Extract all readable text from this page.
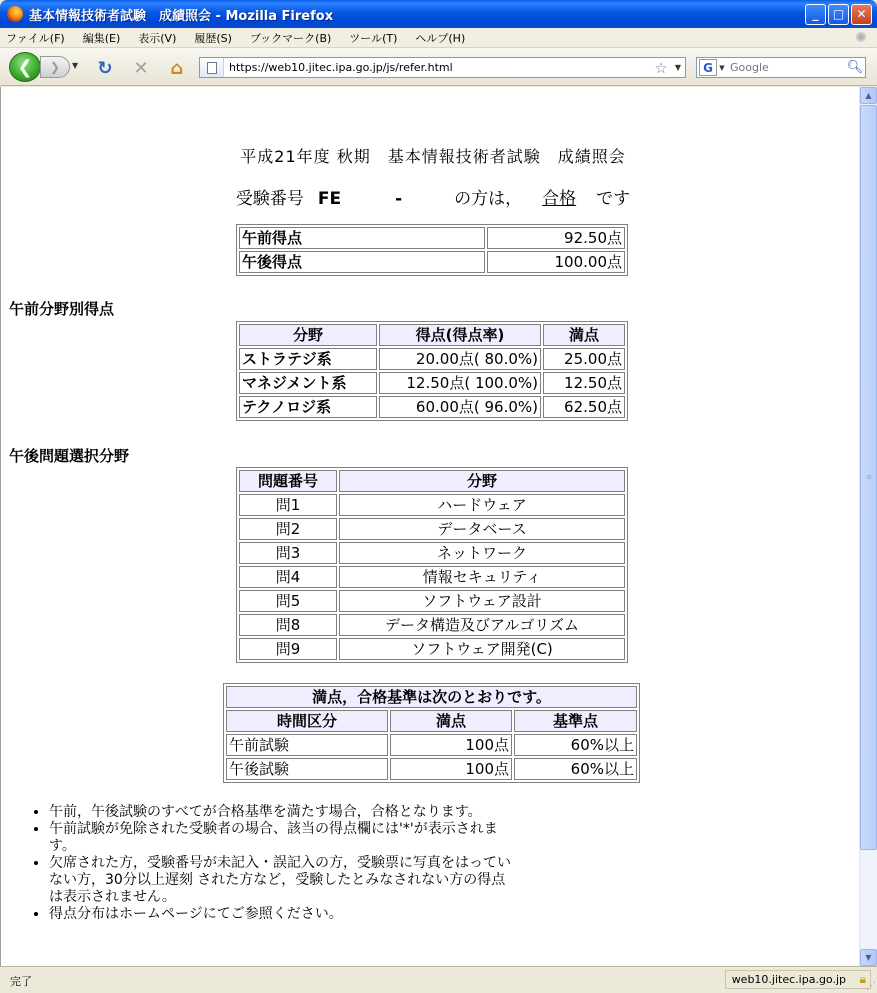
基本情報技術者試験　成績照会 - Mozilla Firefox	_	□	✕
ファイル(F) 編集(E) 表示(V) 履歴(S) ブックマーク(B) ツール(T) ヘルプ(H)	✺
❮ ❯ ▼ ↻ ✕ ⌂	https://web10.jitec.ipa.go.jp/js/refer.html	☆ ▼	G ▼
Google	🔍︎
平成21年度 秋期　基本情報技術者試験　成績照会
受験番号 FE	-	の方は， 合格 です
午前得点	92.50点
午後得点	100.00点
午前分野別得点
分野	得点(得点率)	満点
ストラテジ系	20.00点( 80.0%)	25.00点
マネジメント系	12.50点( 100.0%)	12.50点
テクノロジ系	60.00点( 96.0%)	62.50点
午後問題選択分野
問題番号	分野
問1	ハードウェア
問2	データベース
問3	ネットワーク
問4	情報セキュリティ
問5	ソフトウェア設計
問8	データ構造及びアルゴリズム
問9	ソフトウェア開発(C)
満点，合格基準は次のとおりです。		
時間区分	満点	基準点
午前試験	100点	60%以上
午後試験	100点	60%以上
• 午前，午後試験のすべてが合格基準を満たす場合，合格となります。
• 午前試験が免除された受験者の場合、該当の得点欄には'*'が表示されます。
• 欠席された方，受験番号が未記入・誤記入の方，受験票に写真をはっていない方，30分以上遅刻 された方など，受験したとみなされない方の得点は表示されません。
• 得点分布はホームページにてご参照ください。
▲
≡
▼
完了	web10.jitec.ipa.go.jp 🔒︎
⋰
